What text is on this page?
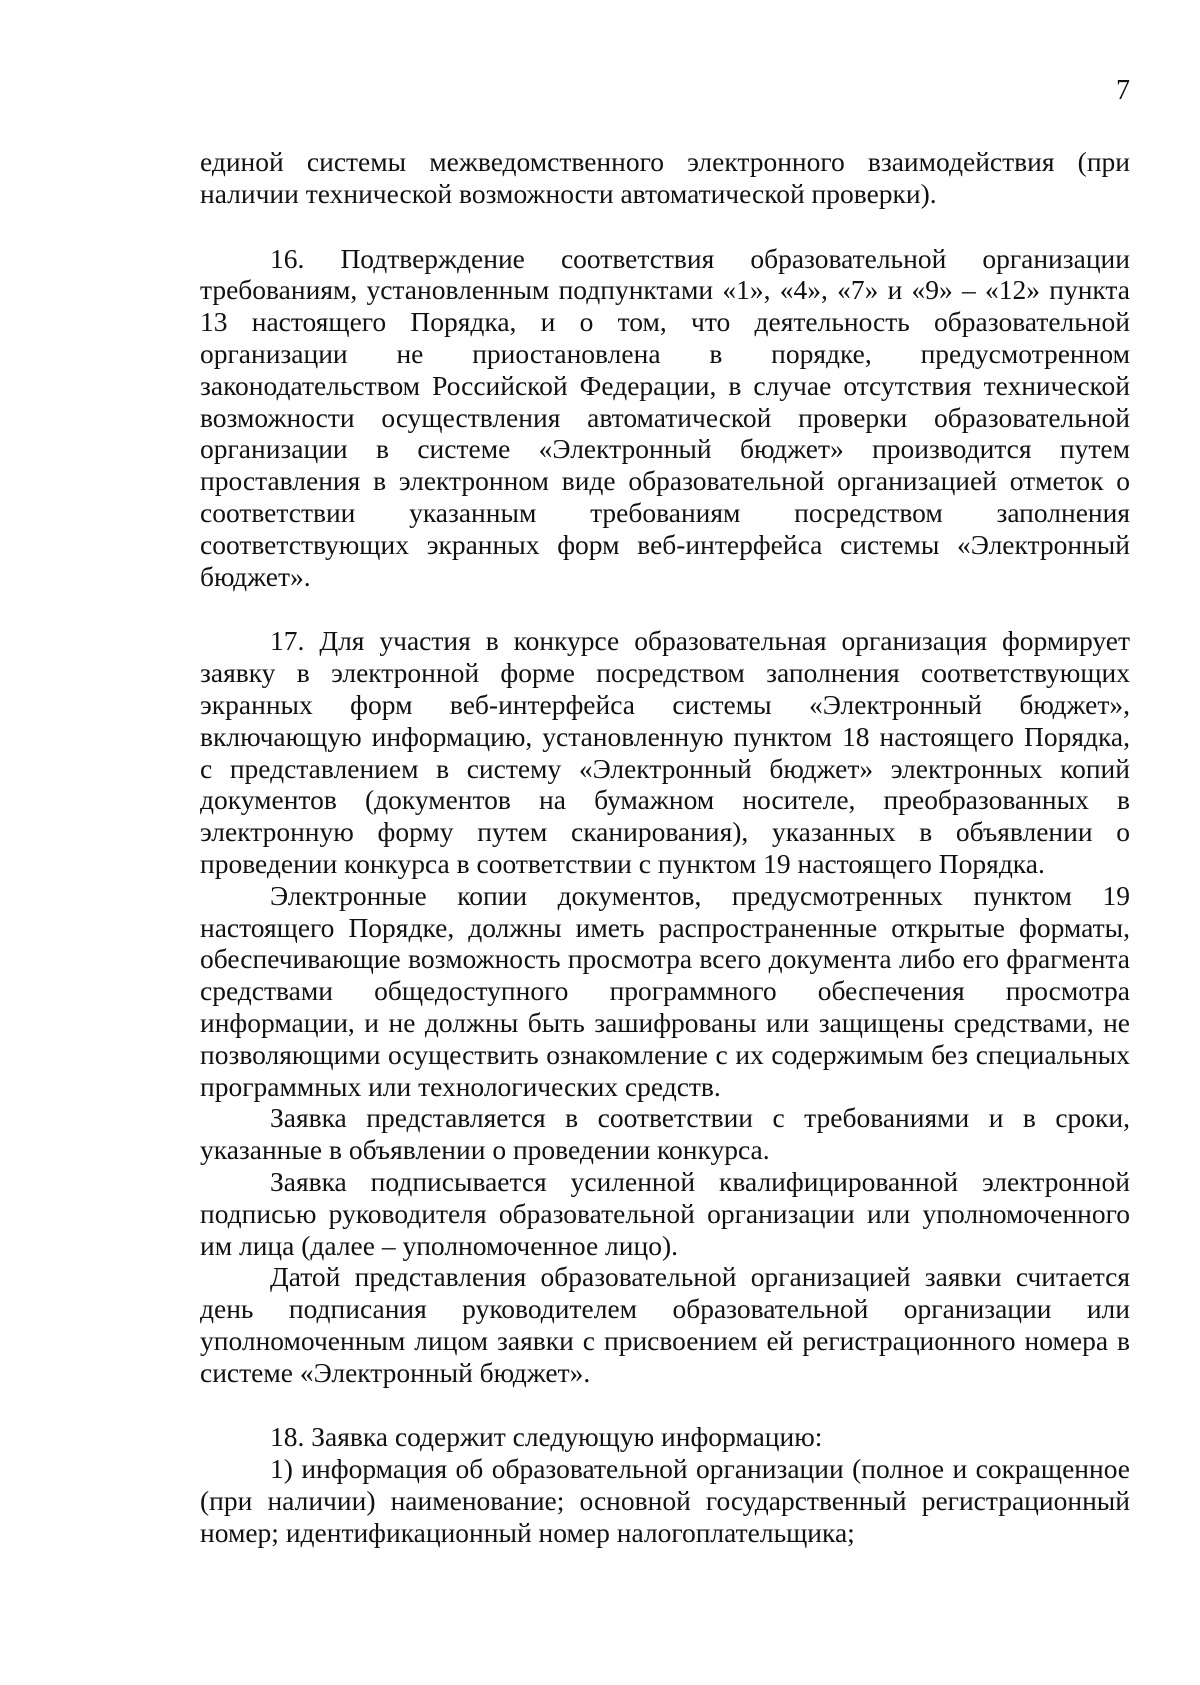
7

единой системы межведомственного электронного взаимодействия (при наличии технической возможности автоматической проверки).

16. Подтверждение соответствия образовательной организации требованиям, установленным подпунктами «1», «4», «7» и «9» – «12» пункта 13 настоящего Порядка, и о том, что деятельность образовательной организации не приостановлена в порядке, предусмотренном законодательством Российской Федерации, в случае отсутствия технической возможности осуществления автоматической проверки образовательной организации в системе «Электронный бюджет» производится путем проставления в электронном виде образовательной организацией отметок о соответствии указанным требованиям посредством заполнения соответствующих экранных форм веб-интерфейса системы «Электронный бюджет».

17. Для участия в конкурсе образовательная организация формирует заявку в электронной форме посредством заполнения соответствующих экранных форм веб-интерфейса системы «Электронный бюджет», включающую информацию, установленную пунктом 18 настоящего Порядка, с представлением в систему «Электронный бюджет» электронных копий документов (документов на бумажном носителе, преобразованных в электронную форму путем сканирования), указанных в объявлении о проведении конкурса в соответствии с пунктом 19 настоящего Порядка.

Электронные копии документов, предусмотренных пунктом 19 настоящего Порядке, должны иметь распространенные открытые форматы, обеспечивающие возможность просмотра всего документа либо его фрагмента средствами общедоступного программного обеспечения просмотра информации, и не должны быть зашифрованы или защищены средствами, не позволяющими осуществить ознакомление с их содержимым без специальных программных или технологических средств.

Заявка представляется в соответствии с требованиями и в сроки, указанные в объявлении о проведении конкурса.

Заявка подписывается усиленной квалифицированной электронной подписью руководителя образовательной организации или уполномоченного им лица (далее – уполномоченное лицо).

Датой представления образовательной организацией заявки считается день подписания руководителем образовательной организации или уполномоченным лицом заявки с присвоением ей регистрационного номера в системе «Электронный бюджет».

18. Заявка содержит следующую информацию:

1) информация об образовательной организации (полное и сокращенное (при наличии) наименование; основной государственный регистрационный номер; идентификационный номер налогоплательщика;
